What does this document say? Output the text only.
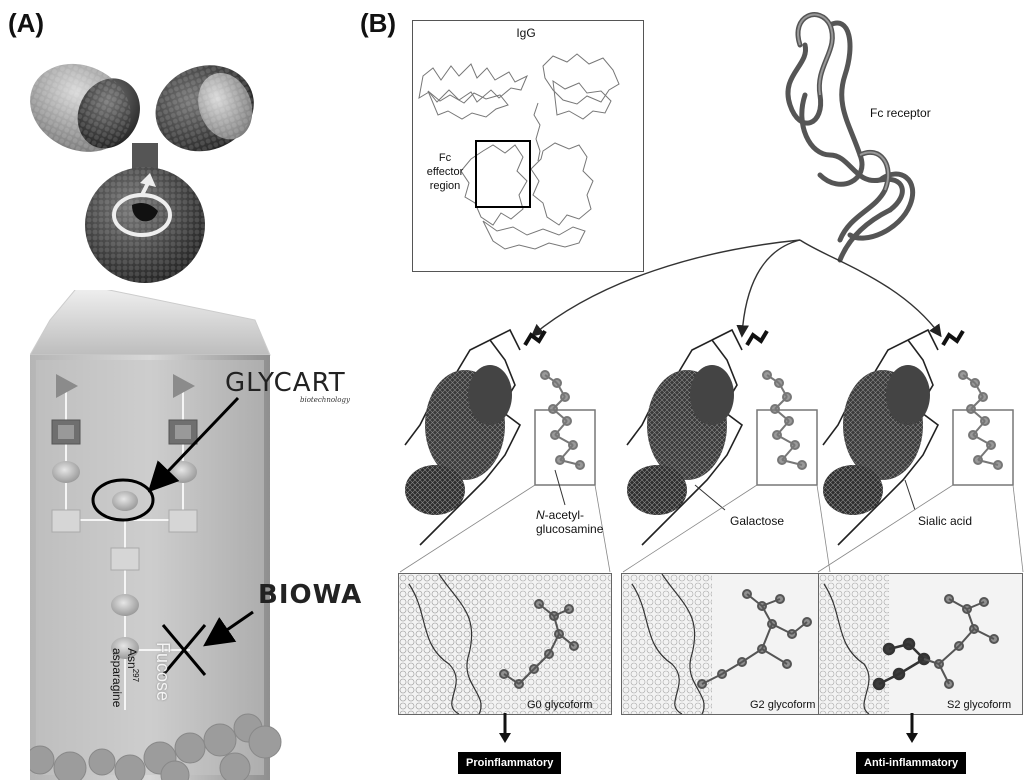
(A)
GLYCART
biotechnology
BIOWA
Fucose
Asn$^{297}$
asparagine
(B)	IgG
Fc
effector
region
Fc receptor
N-acetyl-
glucosamine
Galactose	Sialic acid
G0 glycoform	G2 glycoform	S2 glycoform
Proinflammatory	Anti-inflammatory
